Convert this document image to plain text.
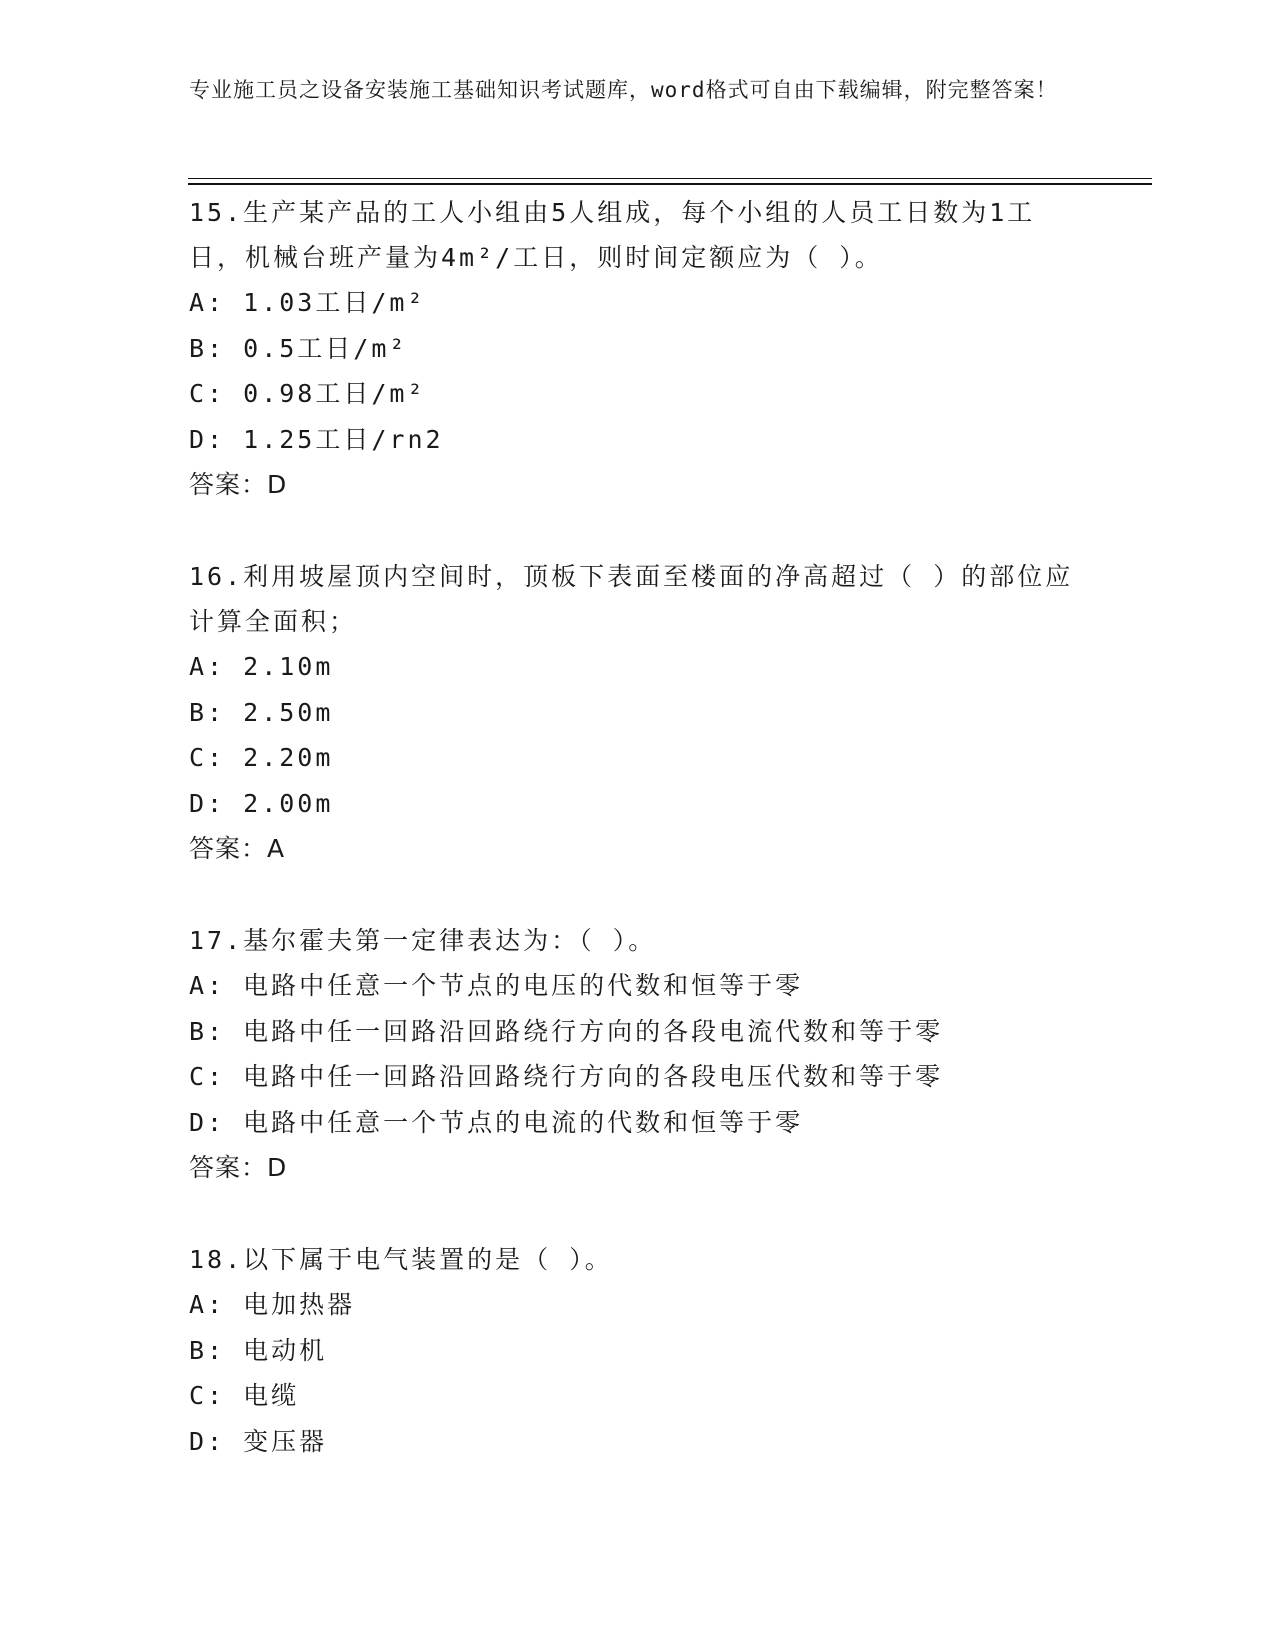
专业施工员之设备安装施工基础知识考试题库，word格式可自由下载编辑，附完整答案！

15.生产某产品的工人小组由5人组成，每个小组的人员工日数为1工日，机械台班产量为4m²/工日，则时间定额应为（ ）。

A: 1.03工日/m²

B: 0.5工日/m²

C: 0.98工日/m²

D: 1.25工日/rn2

答案：D

16.利用坡屋顶内空间时，顶板下表面至楼面的净高超过（ ）的部位应计算全面积；

A: 2.10m

B: 2.50m

C: 2.20m

D: 2.00m

答案：A

17.基尔霍夫第一定律表达为：（ ）。

A: 电路中任意一个节点的电压的代数和恒等于零

B: 电路中任一回路沿回路绕行方向的各段电流代数和等于零

C: 电路中任一回路沿回路绕行方向的各段电压代数和等于零

D: 电路中任意一个节点的电流的代数和恒等于零

答案：D

18.以下属于电气装置的是（ ）。

A: 电加热器

B: 电动机

C: 电缆

D: 变压器
